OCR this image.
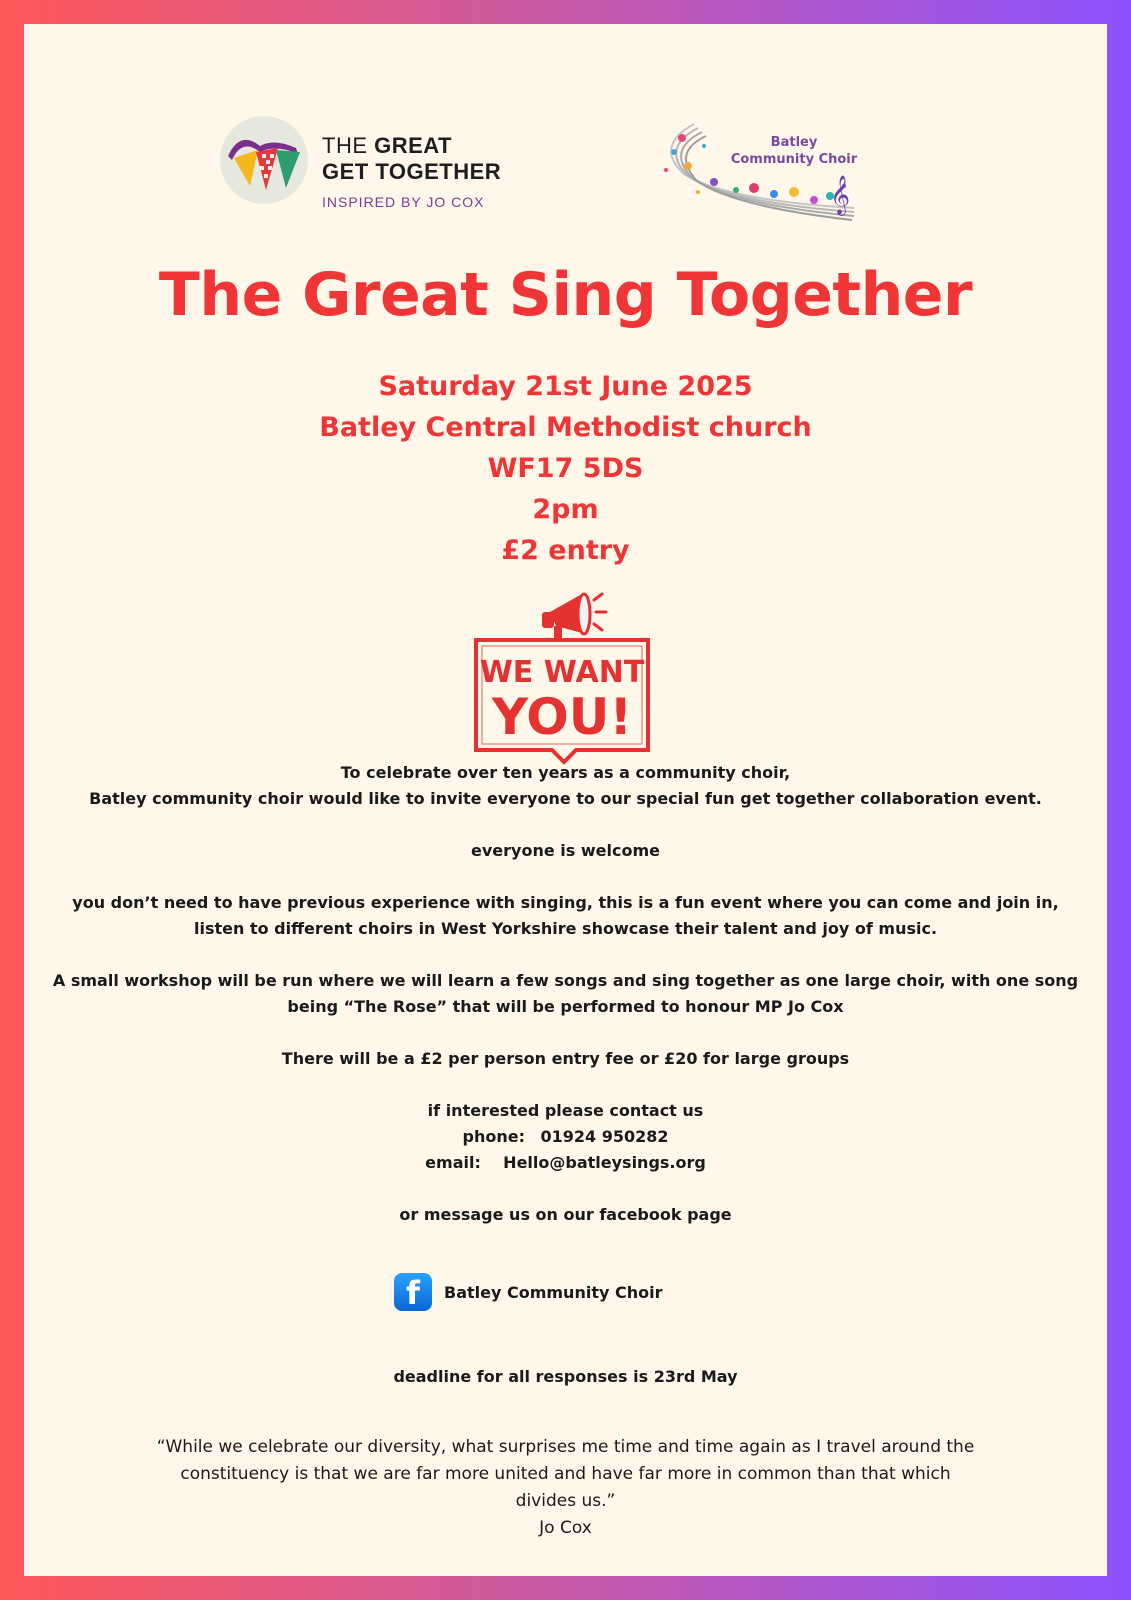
THE GREAT
GET TOGETHER
INSPIRED BY JO COX	𝄞
Batley
Community Choir
The Great Sing Together
Saturday 21st June 2025
Batley Central Methodist church
WF17 5DS
2pm
£2 entry
WE WANT
YOU!

To celebrate over ten years as a community choir,

Batley community choir would like to invite everyone to our special fun get together collaboration event.

everyone is welcome

you don’t need to have previous experience with singing, this is a fun event where you can come and join in,

listen to different choirs in West Yorkshire showcase their talent and joy of music.

A small workshop will be run where we will learn a few songs and sing together as one large choir, with one song

being “The Rose” that will be performed to honour MP Jo Cox

There will be a £2 per person entry fee or £20 for large groups

if interested please contact us

phone: 01924 950282

email: Hello@batleysings.org

or message us on our facebook page

f Batley Community Choir
deadline for all responses is 23rd May
“While we celebrate our diversity, what surprises me time and time again as I travel around the
constituency is that we are far more united and have far more in common than that which
divides us.”
Jo Cox
